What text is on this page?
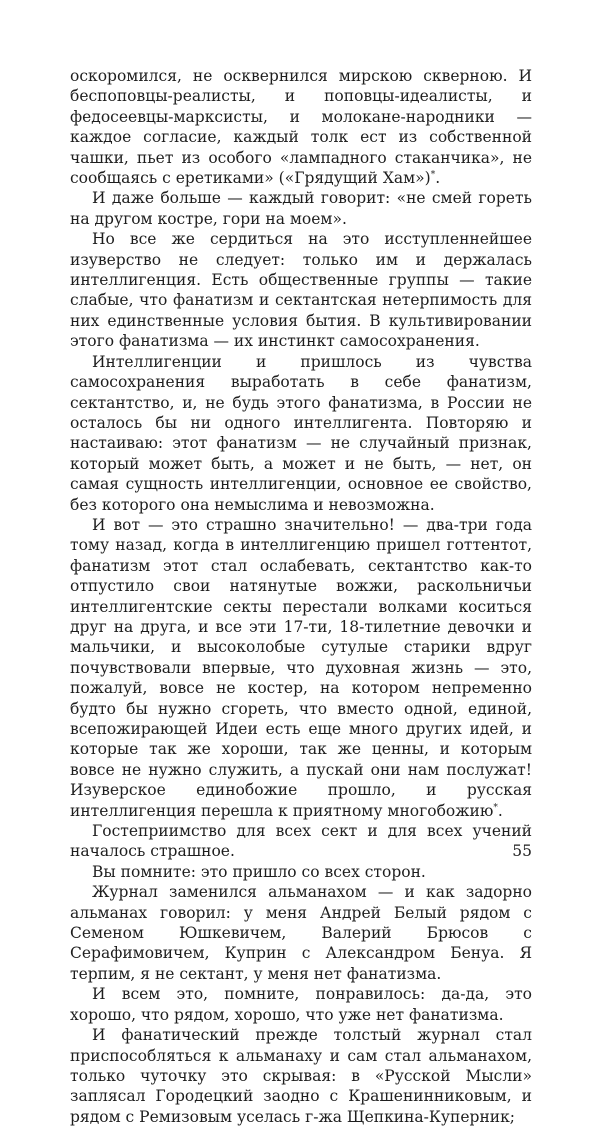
оскоромился, не осквернился мирскою скверною. И беспоповцы-реалисты, и поповцы-идеалисты, и федосеевцы-марксисты, и молокане-народники — каждое согласие, каждый толк ест из собственной чашки, пьет из особого «лампадного стаканчика», не сообщаясь с еретиками» («Грядущий Хам»)*.

И даже больше — каждый говорит: «не смей гореть на другом костре, гори на моем».

Но все же сердиться на это исступленнейшее изуверство не следует: только им и держалась интеллигенция. Есть общественные группы — такие слабые, что фанатизм и сектантская нетерпимость для них единственные условия бытия. В культивировании этого фанатизма — их инстинкт самосохранения.

Интеллигенции и пришлось из чувства самосохранения выработать в себе фанатизм, сектантство, и, не будь этого фанатизма, в России не осталось бы ни одного интеллигента. Повторяю и настаиваю: этот фанатизм — не случайный признак, который может быть, а может и не быть, — нет, он самая сущность интеллигенции, основное ее свойство, без которого она немыслима и невозможна.

И вот — это страшно значительно! — два-три года тому назад, когда в интеллигенцию пришел готтентот, фанатизм этот стал ослабевать, сектантство как-то отпустило свои натянутые вожжи, раскольничьи интеллигентские секты перестали волками коситься друг на друга, и все эти 17-ти, 18-тилетние девочки и мальчики, и высоколобые сутулые старики вдруг почувствовали впервые, что духовная жизнь — это, пожалуй, вовсе не костер, на котором непременно будто бы нужно сгореть, что вместо одной, единой, всепожирающей Идеи есть еще много других идей, и которые так же хороши, так же ценны, и которым вовсе не нужно служить, а пускай они нам послужат! Изуверское единобожие прошло, и русская интеллигенция перешла к приятному многобожию*.

Гостеприимство для всех сект и для всех учений началось страшное.

Вы помните: это пришло со всех сторон.

Журнал заменился альманахом — и как задорно альманах говорил: у меня Андрей Белый рядом с Семеном Юшкевичем, Валерий Брюсов с Серафимовичем, Куприн с Александром Бенуа. Я терпим, я не сектант, у меня нет фанатизма.

И всем это, помните, понравилось: да-да, это хорошо, что рядом, хорошо, что уже нет фанатизма.

И фанатический прежде толстый журнал стал приспособляться к альманаху и сам стал альманахом, только чуточку это скрывая: в «Русской Мысли» заплясал Городецкий заодно с Крашенинниковым, и рядом с Ремизовым уселась г-жа Щепкина-Куперник;

55
